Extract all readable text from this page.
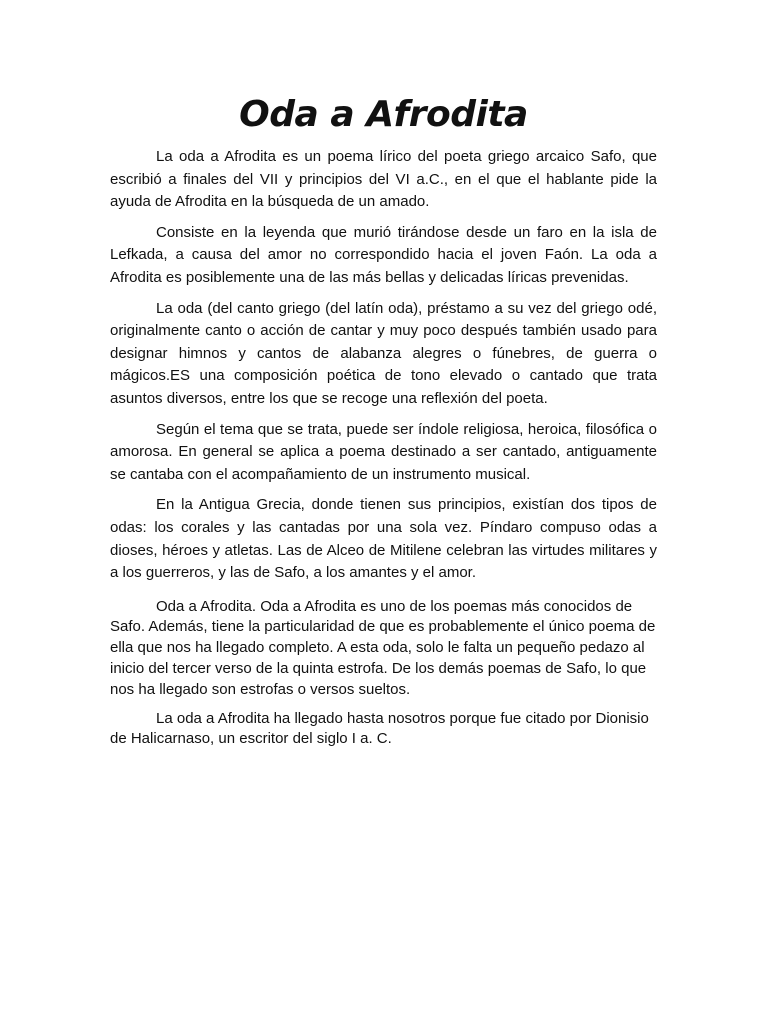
Oda a Afrodita

La oda a Afrodita es un poema lírico del poeta griego arcaico Safo, que escribió a finales del VII y principios del VI a.C., en el que el hablante pide la ayuda de Afrodita en la búsqueda de un amado.

Consiste en la leyenda que murió tirándose desde un faro en la isla de Lefkada, a causa del amor no correspondido hacia el joven Faón. La oda a Afrodita es posiblemente una de las más bellas y delicadas líricas prevenidas.

La oda (del canto griego (del latín oda), préstamo a su vez del griego odé, originalmente canto o acción de cantar y muy poco después también usado para designar himnos y cantos de alabanza alegres o fúnebres, de guerra o mágicos.ES una composición poética de tono elevado o cantado que trata asuntos diversos, entre los que se recoge una reflexión del poeta.

Según el tema que se trata, puede ser índole religiosa, heroica, filosófica o amorosa. En general se aplica a poema destinado a ser cantado, antiguamente se cantaba con el acompañamiento de un instrumento musical.

En la Antigua Grecia, donde tienen sus principios, existían dos tipos de odas: los corales y las cantadas por una sola vez. Píndaro compuso odas a dioses, héroes y atletas. Las de Alceo de Mitilene celebran las virtudes militares y a los guerreros, y las de Safo, a los amantes y el amor.

Oda a Afrodita. Oda a Afrodita es uno de los poemas más conocidos de Safo. Además, tiene la particularidad de que es probablemente el único poema de ella que nos ha llegado completo. A esta oda, solo le falta un pequeño pedazo al inicio del tercer verso de la quinta estrofa. De los demás poemas de Safo, lo que nos ha llegado son estrofas o versos sueltos.

La oda a Afrodita ha llegado hasta nosotros porque fue citado por Dionisio de Halicarnaso, un escritor del siglo I a. C.
